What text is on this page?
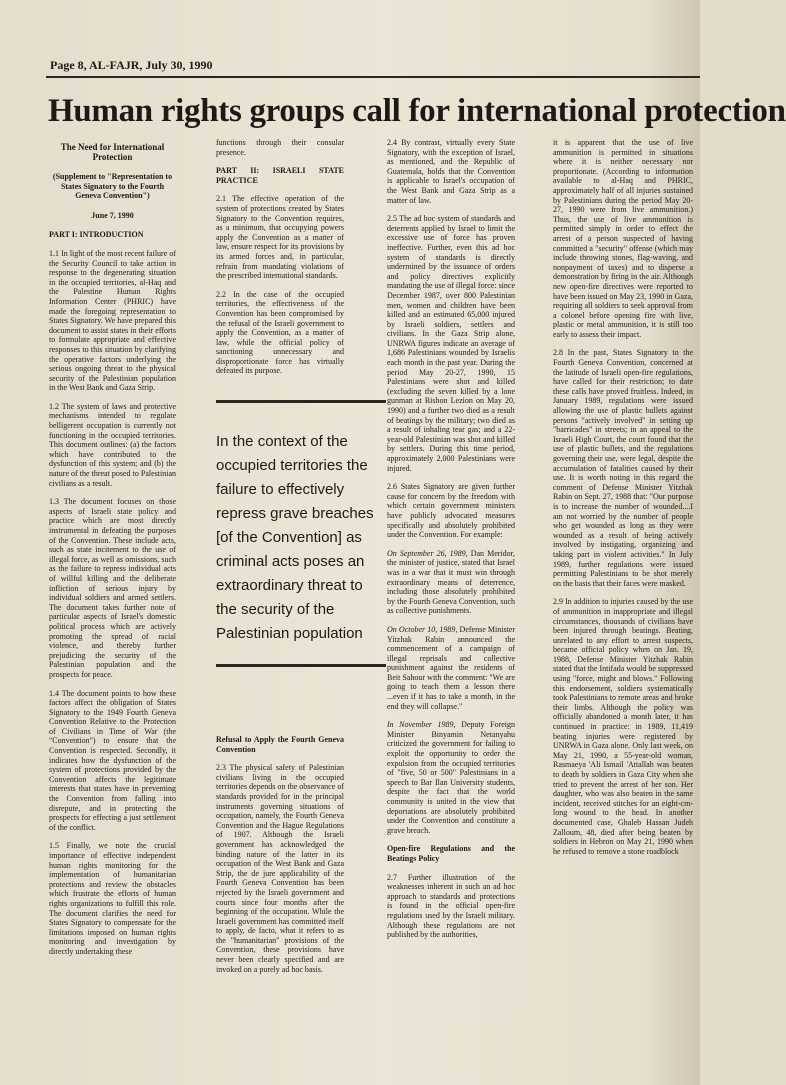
Page 8, AL-FAJR, July 30, 1990
Human rights groups call for international protection

The Need for International Protection

(Supplement to "Representation to States Signatory to the Fourth Geneva Convention")

June 7, 1990

PART I: INTRODUCTION

1.1 In light of the most recent failure of the Security Council to take action in response to the degenerating situation in the occupied territories, al-Haq and the Palestine Human Rights Information Center (PHRIC) have made the foregoing representation to States Signatory. We have prepared this document to assist states in their efforts to formulate appropriate and effective responses to this situation by clarifying the operative factors underlying the serious ongoing threat to the physical security of the Palestinian population in the West Bank and Gaza Strip.

1.2 The system of laws and protective mechanisms intended to regulate belligerent occupation is currently not functioning in the occupied territories. This document outlines: (a) the factors which have contributed to the dysfunction of this system; and (b) the nature of the threat posed to Palestinian civilians as a result.

1.3 The document focuses on those aspects of Israeli state policy and practice which are most directly instrumental in defeating the purposes of the Convention. These include acts, such as state incitement to the use of illegal force, as well as omissions, such as the failure to repress individual acts of willful killing and the deliberate infliction of serious injury by individual soldiers and armed settlers. The document takes further note of particular aspects of Israel's domestic political process which are actively promoting the spread of racial violence, and thereby further prejudicing the security of the Palestinian population and the prospects for peace.

1.4 The document points to how these factors affect the obligation of States Signatory to the 1949 Fourth Geneva Convention Relative to the Protection of Civilians in Time of War (the "Convention") to ensure that the Convention is respected. Secondly, it indicates how the dysfunction of the system of protections provided by the Convention affects the legitimate interests that states have in preventing the Convention from falling into disrepute, and in protecting the prospects for effecting a just settlement of the conflict.

1.5 Finally, we note the crucial importance of effective independent human rights monitoring for the implementation of humanitarian protections and review the obstacles which frustrate the efforts of human rights organizations to fulfill this role. The document clarifies the need for States Signatory to compensate for the limitations imposed on human rights monitoring and investigation by directly undertaking these

functions through their consular presence.

PART II: ISRAELI STATE PRACTICE

2.1 The effective operation of the system of protections created by States Signatory to the Convention requires, as a minimum, that occupying powers apply the Convention as a matter of law, ensure respect for its provisions by its armed forces and, in particular, refrain from mandating violations of the prescribed international standards.

2.2 In the case of the occupied territories, the effectiveness of the Convention has been compromised by the refusal of the Israeli government to apply the Convention, as a matter of law, while the official policy of sanctioning unnecessary and disproportionate force has virtually defeated its purpose.

In the context of the occupied territories the failure to effectively repress grave breaches [of the Convention] as criminal acts poses an extraordinary threat to the security of the Palestinian population

Refusal to Apply the Fourth Geneva Convention

2.3 The physical safety of Palestinian civilians living in the occupied territories depends on the observance of standards provided for in the principal instruments governing situations of occupation, namely, the Fourth Geneva Convention and the Hague Regulations of 1907. Although the Israeli government has acknowledged the binding nature of the latter in its occupation of the West Bank and Gaza Strip, the de jure applicability of the Fourth Geneva Convention has been rejected by the Israeli government and courts since four months after the beginning of the occupation. While the Israeli government has committed itself to apply, de facto, what it refers to as the "humanitarian" provisions of the Convention, these provisions have never been clearly specified and are invoked on a purely ad hoc basis.

2.4 By contrast, virtually every State Signatory, with the exception of Israel, as mentioned, and the Republic of Guatemala, holds that the Convention is applicable to Israel's occupation of the West Bank and Gaza Strip as a matter of law.

2.5 The ad hoc system of standards and deterrents applied by Israel to limit the excessive use of force has proven ineffective. Further, even this ad hoc system of standards is directly undermined by the issuance of orders and policy directives explicitly mandating the use of illegal force: since December 1987, over 800 Palestinian men, women and children have been killed and an estimated 65,000 injured by Israeli soldiers, settlers and civilians. In the Gaza Strip alone, UNRWA figures indicate an average of 1,686 Palestinians wounded by Israelis each month in the past year. During the period May 20-27, 1990, 15 Palestinians were shot and killed (excluding the seven killed by a lone gunman at Rishon Lezion on May 20, 1990) and a further two died as a result of beatings by the military; two died as a result of inhaling tear gas; and a 22-year-old Palestinian was shot and killed by settlers. During this time period, approximately 2,000 Palestinians were injured.

2.6 States Signatory are given further cause for concern by the freedom with which certain government ministers have publicly advocated measures specifically and absolutely prohibited under the Convention. For example:

On September 26, 1989, Dan Meridor, the minister of justice, stated that Israel was in a war that it must win through extraordinary means of deterrence, including those absolutely prohibited by the Fourth Geneva Convention, such as collective punishments.

On October 10, 1989, Defense Minister Yitzhak Rabin announced the commencement of a campaign of illegal reprisals and collective punishment against the residents of Beit Sahour with the comment: "We are going to teach them a lesson there ...even if it has to take a month, in the end they will collapse."

In November 1989, Deputy Foreign Minister Binyamin Netanyahu criticized the government for failing to exploit the opportunity to order the expulsion from the occupied territories of "five, 50 or 500" Palestinians in a speech to Bar Ilan University students, despite the fact that the world community is united in the view that deportations are absolutely prohibited under the Convention and constitute a grave breach.

Open-fire Regulations and the Beatings Policy

2.7 Further illustration of the weaknesses inherent in such an ad hoc approach to standards and protections is found in the official open-fire regulations used by the Israeli military. Although these regulations are not published by the authorities,

it is apparent that the use of live ammunition is permitted in situations where it is neither necessary nor proportionate. (According to information available to al-Haq and PHRIC, approximately half of all injuries sustained by Palestinians during the period May 20-27, 1990 were from live ammunition.) Thus, the use of live ammunition is permitted simply in order to effect the arrest of a person suspected of having committed a "security" offense (which may include throwing stones, flag-waving, and nonpayment of taxes) and to disperse a demonstration by firing in the air. Although new open-fire directives were reported to have been issued on May 23, 1990 in Gaza, requiring all soldiers to seek approval from a colonel before opening fire with live, plastic or metal ammunition, it is still too early to assess their impact.

2.8 In the past, States Signatory to the Fourth Geneva Convention, concerned at the latitude of Israeli open-fire regulations, have called for their restriction; to date these calls have proved fruitless. Indeed, in January 1989, regulations were issued allowing the use of plastic bullets against persons "actively involved" in setting up "barricades" in streets; in an appeal to the Israeli High Court, the court found that the use of plastic bullets, and the regulations governing their use, were legal, despite the accumulation of fatalities caused by their use. It is worth noting in this regard the comment of Defense Minister Yitzhak Rabin on Sept. 27, 1988 that: "Our purpose is to increase the number of wounded....I am not worried by the number of people who get wounded as long as they were wounded as a result of being actively involved by instigating, organizing and taking part in violent activities." In July 1989, further regulations were issued permitting Palestinians to be shot merely on the basis that their faces were masked.

2.9 In addition to injuries caused by the use of ammunition in inappropriate and illegal circumstances, thousands of civilians have been injured through beatings. Beating, unrelated to any effort to arrest suspects, became official policy when on Jan. 19, 1988, Defense Minister Yitzhak Rabin stated that the Intifada would be suppressed using "force, might and blows." Following this endorsement, soldiers systematically took Palestinians to remote areas and broke their limbs. Although the policy was officially abandoned a month later, it has continued in practice: in 1989, 11,419 beating injuries were registered by UNRWA in Gaza alone. Only last week, on May 21, 1990, a 55-year-old woman, Rasmaeya 'Ali Ismail 'Attallah was beaten to death by soldiers in Gaza City when she tried to prevent the arrest of her son. Her daughter, who was also beaten in the same incident, received stitches for an eight-cm-long wound to the head. In another documented case, Ghaleb Hassan Judeh Zalloum, 48, died after being beaten by soldiers in Hebron on May 21, 1990 when he refused to remove a stone roadblock
